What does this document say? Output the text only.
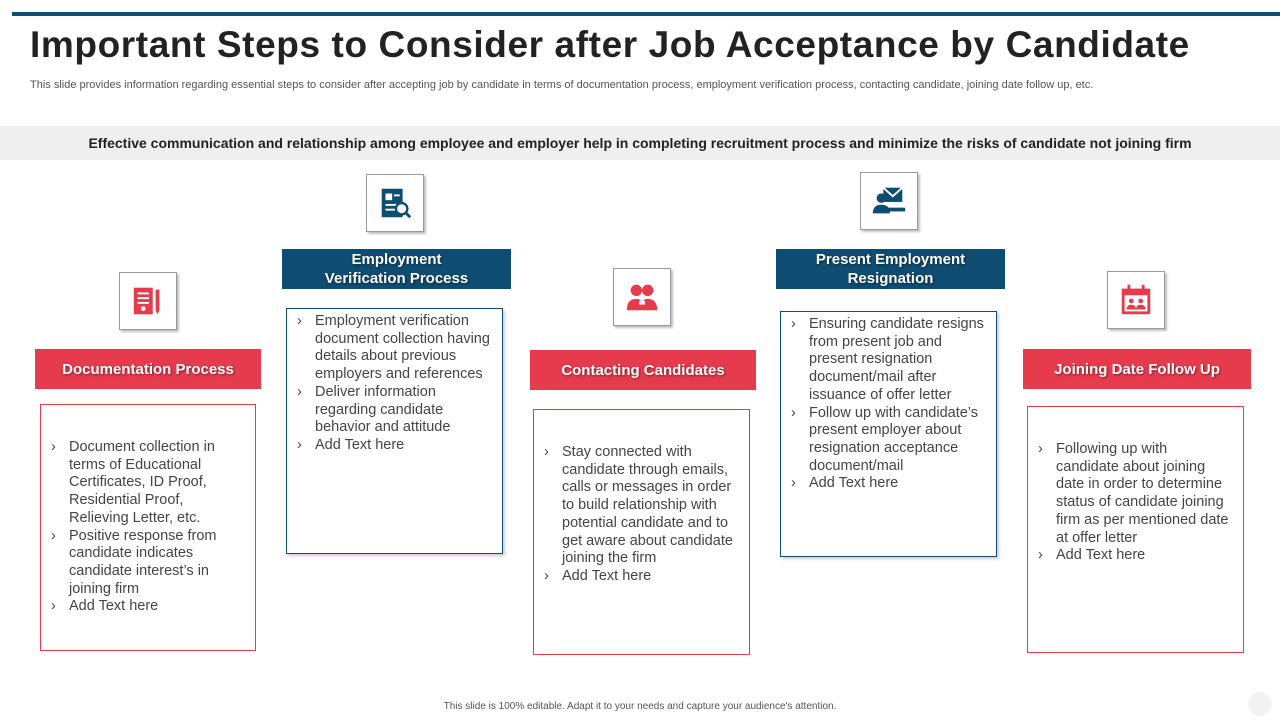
Important Steps to Consider after Job Acceptance by Candidate

This slide provides information regarding essential steps to consider after accepting job by candidate in terms of documentation process, employment verification process, contacting candidate, joining date follow up, etc.

Effective communication and relationship among employee and employer help in completing recruitment process and minimize the risks of candidate not joining firm
Documentation Process
› Document collection in terms of Educational Certificates, ID Proof, Residential Proof, Relieving Letter, etc.
› Positive response from candidate indicates candidate interest’s in joining firm
› Add Text here
Employment Verification Process
› Employment verification document collection having details about previous employers and references
› Deliver information regarding candidate behavior and attitude
› Add Text here
Contacting Candidates
› Stay connected with candidate through emails, calls or messages in order to build relationship with potential candidate and to get aware about candidate joining the firm
› Add Text here
Present Employment Resignation
› Ensuring candidate resigns from present job and present resignation document/mail after issuance of offer letter
› Follow up with candidate’s present employer about resignation acceptance document/mail
› Add Text here
Joining Date Follow Up
› Following up with candidate about joining date in order to determine status of candidate joining firm as per mentioned date at offer letter
› Add Text here
This slide is 100% editable. Adapt it to your needs and capture your audience's attention.
